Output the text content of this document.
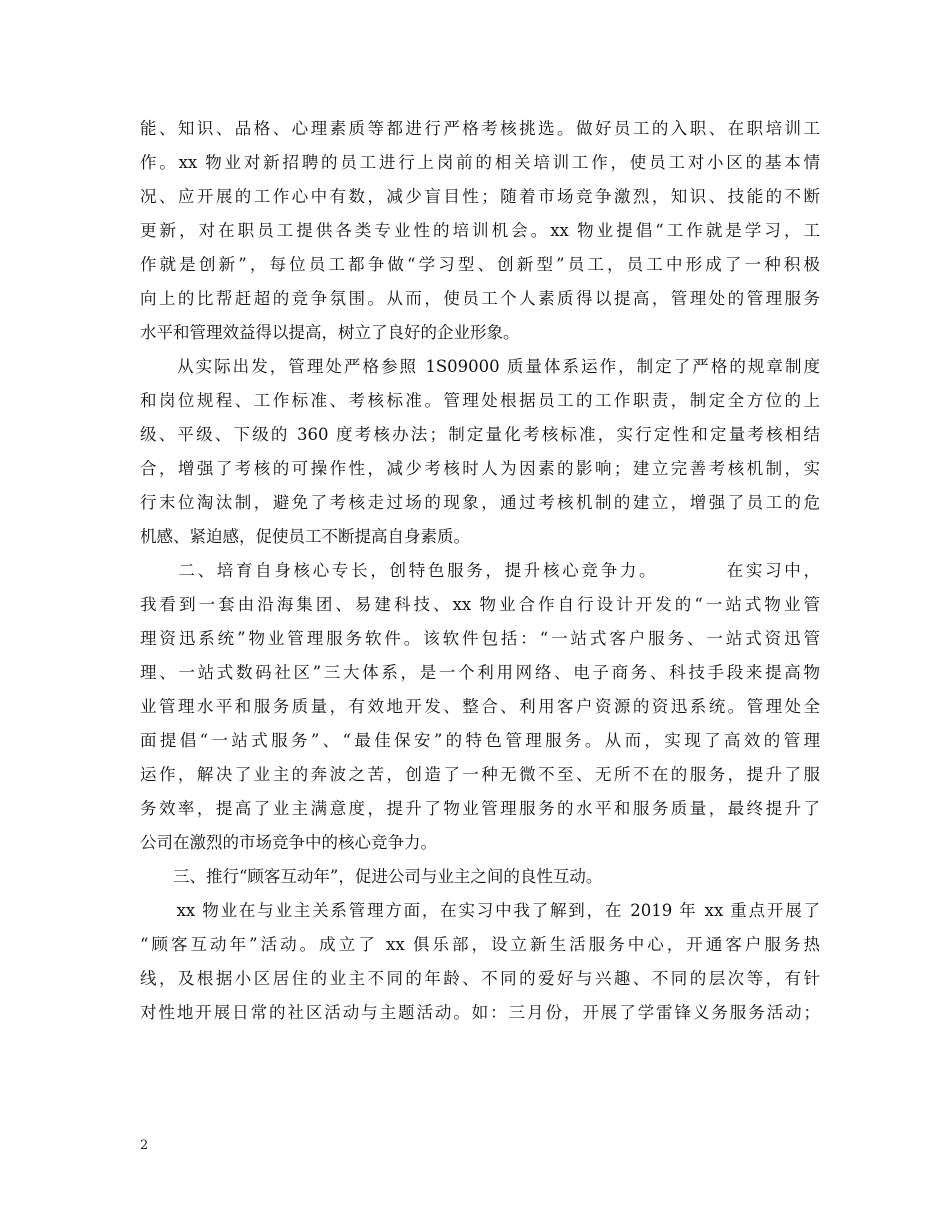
能、知识、品格、心理素质等都进行严格考核挑选。做好员工的入职、在职培训工
作。xx 物业对新招聘的员工进行上岗前的相关培训工作，使员工对小区的基本情
况、应开展的工作心中有数，减少盲目性；随着市场竞争激烈，知识、技能的不断
更新，对在职员工提供各类专业性的培训机会。xx 物业提倡“工作就是学习，工
作就是创新”，每位员工都争做“学习型、创新型”员工，员工中形成了一种积极
向上的比帮赶超的竞争氛围。从而，使员工个人素质得以提高，管理处的管理服务
水平和管理效益得以提高，树立了良好的企业形象。
　　从实际出发，管理处严格参照 1S09000 质量体系运作，制定了严格的规章制度
和岗位规程、工作标准、考核标准。管理处根据员工的工作职责，制定全方位的上
级、平级、下级的 360 度考核办法；制定量化考核标准，实行定性和定量考核相结
合，增强了考核的可操作性，减少考核时人为因素的影响；建立完善考核机制，实
行末位淘汰制，避免了考核走过场的现象，通过考核机制的建立，增强了员工的危
机感、紧迫感，促使员工不断提高自身素质。
　　二、培育自身核心专长，创特色服务，提升核心竞争力。　　　　在实习中，
我看到一套由沿海集团、易建科技、xx 物业合作自行设计开发的“一站式物业管
理资迅系统”物业管理服务软件。该软件包括：“一站式客户服务、一站式资迅管
理、一站式数码社区”三大体系，是一个利用网络、电子商务、科技手段来提高物
业管理水平和服务质量，有效地开发、整合、利用客户资源的资迅系统。管理处全
面提倡“一站式服务”、“最佳保安”的特色管理服务。从而，实现了高效的管理
运作，解决了业主的奔波之苦，创造了一种无微不至、无所不在的服务，提升了服
务效率，提高了业主满意度，提升了物业管理服务的水平和服务质量，最终提升了
公司在激烈的市场竞争中的核心竞争力。
　　三、推行“顾客互动年”，促进公司与业主之间的良性互动。
　　xx 物业在与业主关系管理方面，在实习中我了解到，在 2019 年 xx 重点开展了
“顾客互动年”活动。成立了 xx 俱乐部，设立新生活服务中心，开通客户服务热
线，及根据小区居住的业主不同的年龄、不同的爱好与兴趣、不同的层次等，有针
对性地开展日常的社区活动与主题活动。如：三月份，开展了学雷锋义务服务活动；
2
